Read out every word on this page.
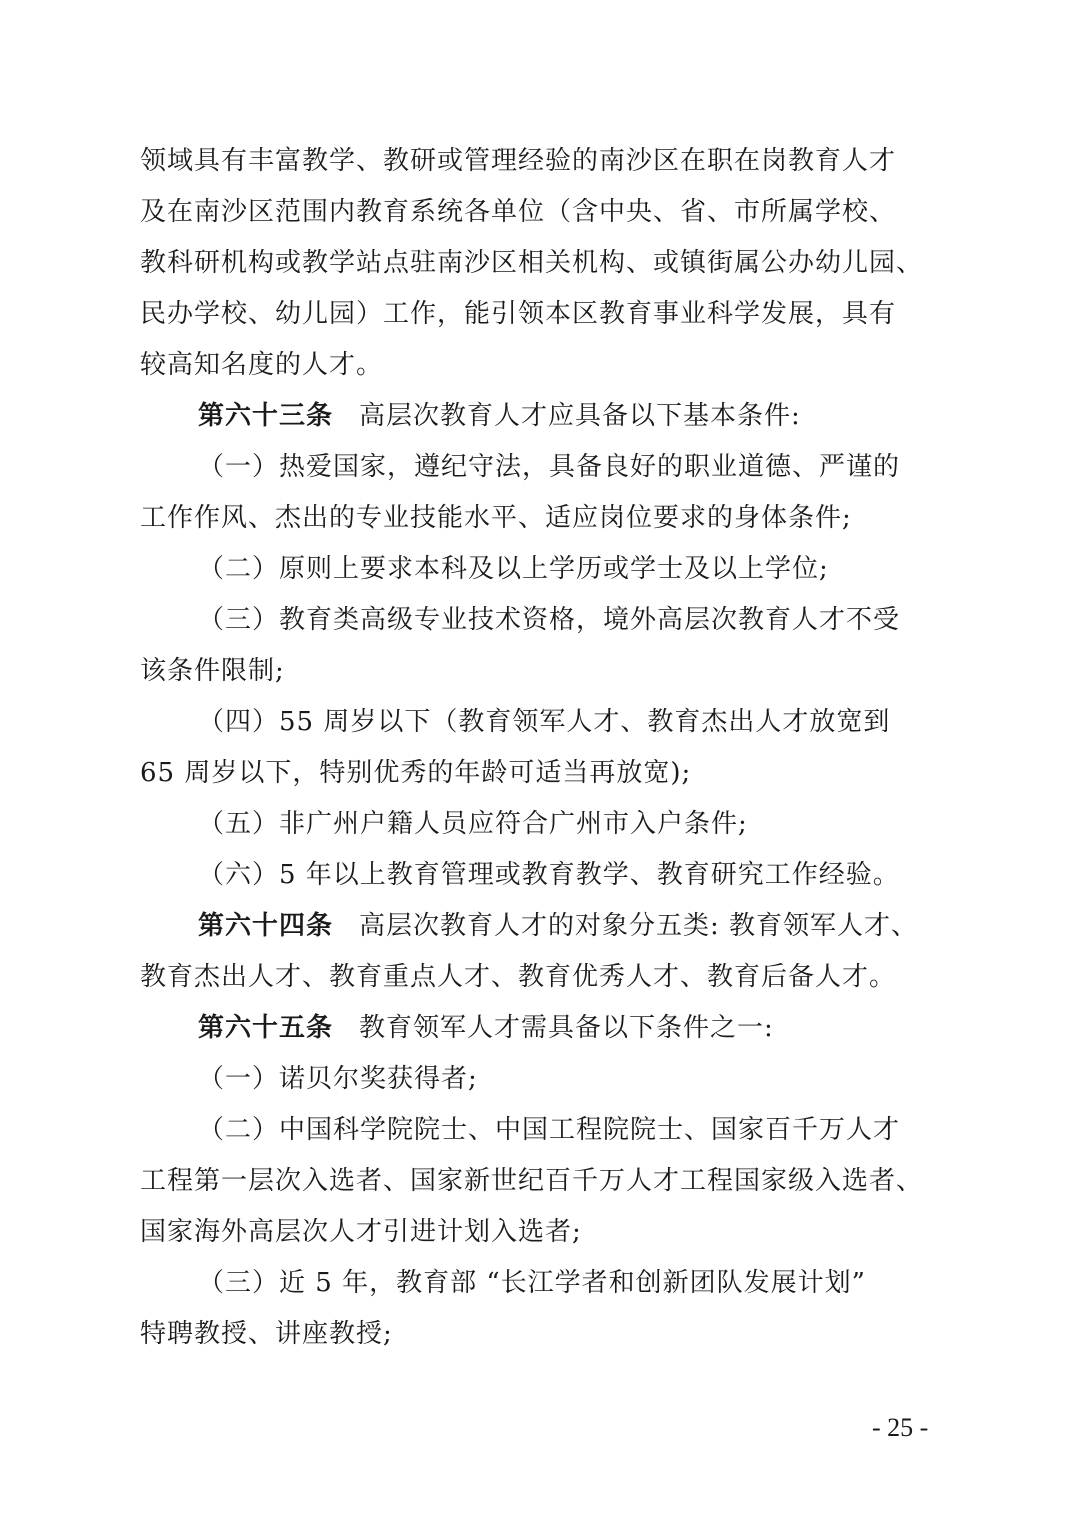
领域具有丰富教学、教研或管理经验的南沙区在职在岗教育人才
及在南沙区范围内教育系统各单位（含中央、省、市所属学校、
教科研机构或教学站点驻南沙区相关机构、或镇街属公办幼儿园、
民办学校、幼儿园）工作，能引领本区教育事业科学发展，具有
较高知名度的人才。
第六十三条 高层次教育人才应具备以下基本条件:
（一）热爱国家，遵纪守法，具备良好的职业道德、严谨的
工作作风、杰出的专业技能水平、适应岗位要求的身体条件;
（二）原则上要求本科及以上学历或学士及以上学位;
（三）教育类高级专业技术资格，境外高层次教育人才不受
该条件限制;
（四）55 周岁以下（教育领军人才、教育杰出人才放宽到
65 周岁以下，特别优秀的年龄可适当再放宽);
（五）非广州户籍人员应符合广州市入户条件;
（六）5 年以上教育管理或教育教学、教育研究工作经验。
第六十四条 高层次教育人才的对象分五类: 教育领军人才、
教育杰出人才、教育重点人才、教育优秀人才、教育后备人才。
第六十五条 教育领军人才需具备以下条件之一:
（一）诺贝尔奖获得者;
（二）中国科学院院士、中国工程院院士、国家百千万人才
工程第一层次入选者、国家新世纪百千万人才工程国家级入选者、
国家海外高层次人才引进计划入选者;
（三）近 5 年，教育部 “长江学者和创新团队发展计划”
特聘教授、讲座教授;
- 25 -
